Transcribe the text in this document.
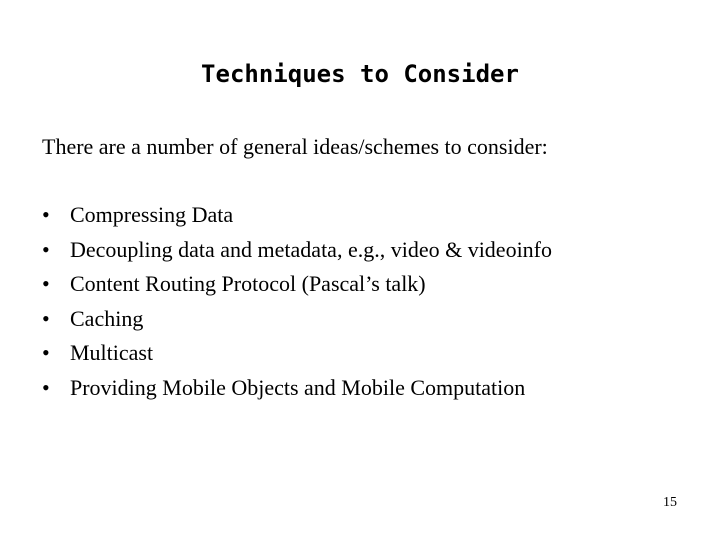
Techniques to Consider
There are a number of general ideas/schemes to consider:
• Compressing Data
• Decoupling data and metadata, e.g., video & videoinfo
• Content Routing Protocol (Pascal’s talk)
• Caching
• Multicast
• Providing Mobile Objects and Mobile Computation
15
